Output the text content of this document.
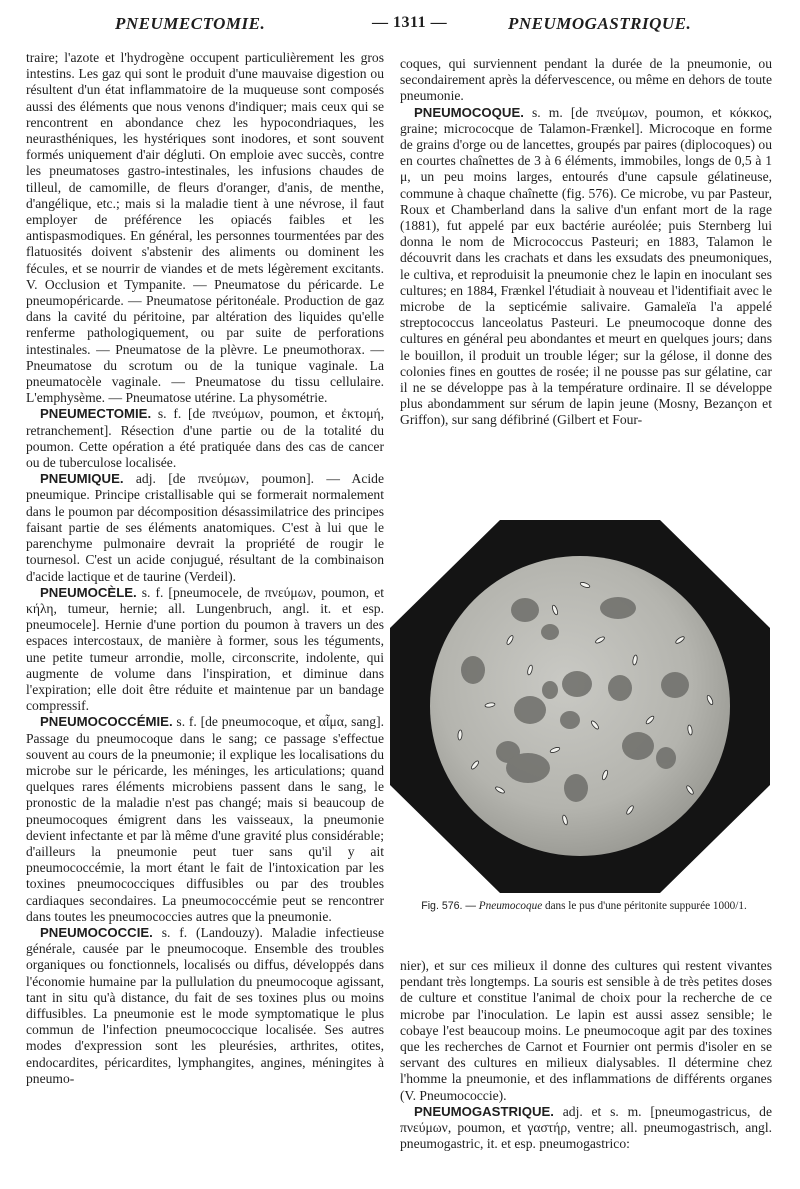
PNEUMECTOMIE.	— 1311 —	PNEUMOGASTRIQUE.

traire; l'azote et l'hydrogène occupent particulièrement les gros intestins. Les gaz qui sont le produit d'une mauvaise digestion ou résultent d'un état inflammatoire de la muqueuse sont composés aussi des éléments que nous venons d'indiquer; mais ceux qui se rencontrent en abondance chez les hypocondriaques, les neurasthéniques, les hystériques sont inodores, et sont souvent formés uniquement d'air dégluti. On emploie avec succès, contre les pneumatoses gastro-intestinales, les infusions chaudes de tilleul, de camomille, de fleurs d'oranger, d'anis, de menthe, d'angélique, etc.; mais si la maladie tient à une névrose, il faut employer de préférence les opiacés faibles et les antispasmodiques. En général, les personnes tourmentées par des flatuosités doivent s'abstenir des aliments ou dominent les fécules, et se nourrir de viandes et de mets légèrement excitants. V. Occlusion et Tympanite. — Pneumatose du péricarde. Le pneumopéricarde. — Pneumatose péritonéale. Production de gaz dans la cavité du péritoine, par altération des liquides qu'elle renferme pathologiquement, ou par suite de perforations intestinales. — Pneumatose de la plèvre. Le pneumothorax. — Pneumatose du scrotum ou de la tunique vaginale. La pneumatocèle vaginale. — Pneumatose du tissu cellulaire. L'emphysème. — Pneumatose utérine. La physométrie.

PNEUMECTOMIE. s. f. [de πνεύμων, poumon, et ἐκτομή, retranchement]. Résection d'une partie ou de la totalité du poumon. Cette opération a été pratiquée dans des cas de cancer ou de tuberculose localisée.

PNEUMIQUE. adj. [de πνεύμων, poumon]. — Acide pneumique. Principe cristallisable qui se formerait normalement dans le poumon par décomposition désassimilatrice des principes faisant partie de ses éléments anatomiques. C'est à lui que le parenchyme pulmonaire devrait la propriété de rougir le tournesol. C'est un acide conjugué, résultant de la combinaison d'acide lactique et de taurine (Verdeil).

PNEUMOCÈLE. s. f. [pneumocele, de πνεύμων, poumon, et κήλη, tumeur, hernie; all. Lungenbruch, angl. it. et esp. pneumocele]. Hernie d'une portion du poumon à travers un des espaces intercostaux, de manière à former, sous les téguments, une petite tumeur arrondie, molle, circonscrite, indolente, qui augmente de volume dans l'inspiration, et diminue dans l'expiration; elle doit être réduite et maintenue par un bandage compressif.

PNEUMOCOCCÉMIE. s. f. [de pneumocoque, et αἷμα, sang]. Passage du pneumocoque dans le sang; ce passage s'effectue souvent au cours de la pneumonie; il explique les localisations du microbe sur le péricarde, les méninges, les articulations; quand quelques rares éléments microbiens passent dans le sang, le pronostic de la maladie n'est pas changé; mais si beaucoup de pneumocoques émigrent dans les vaisseaux, la pneumonie devient infectante et par là même d'une gravité plus considérable; d'ailleurs la pneumonie peut tuer sans qu'il y ait pneumococcémie, la mort étant le fait de l'intoxication par les toxines pneumococciques diffusibles ou par des troubles cardiaques secondaires. La pneumococcémie peut se rencontrer dans toutes les pneumococcies autres que la pneumonie.

PNEUMOCOCCIE. s. f. (Landouzy). Maladie infectieuse générale, causée par le pneumocoque. Ensemble des troubles organiques ou fonctionnels, localisés ou diffus, développés dans l'économie humaine par la pullulation du pneumocoque agissant, tant in situ qu'à distance, du fait de ses toxines plus ou moins diffusibles. La pneumonie est le mode symptomatique le plus commun de l'infection pneumococcique localisée. Ses autres modes d'expression sont les pleurésies, arthrites, otites, endocardites, péricardites, lymphangites, angines, méningites à pneumo-

coques, qui surviennent pendant la durée de la pneumonie, ou secondairement après la défervescence, ou même en dehors de toute pneumonie.

PNEUMOCOQUE. s. m. [de πνεύμων, poumon, et κόκκος, graine; micrococque de Talamon-Frænkel]. Microcoque en forme de grains d'orge ou de lancettes, groupés par paires (diplocoques) ou en courtes chaînettes de 3 à 6 éléments, immobiles, longs de 0,5 à 1 μ, un peu moins larges, entourés d'une capsule gélatineuse, commune à chaque chaînette (fig. 576). Ce microbe, vu par Pasteur, Roux et Chamberland dans la salive d'un enfant mort de la rage (1881), fut appelé par eux bactérie auréolée; puis Sternberg lui donna le nom de Micrococcus Pasteuri; en 1883, Talamon le découvrit dans les crachats et dans les exsudats des pneumoniques, le cultiva, et reproduisit la pneumonie chez le lapin en inoculant ses cultures; en 1884, Frænkel l'étudiait à nouveau et l'identifiait avec le microbe de la septicémie salivaire. Gamaleïa l'a appelé streptococcus lanceolatus Pasteuri. Le pneumocoque donne des cultures en général peu abondantes et meurt en quelques jours; dans le bouillon, il produit un trouble léger; sur la gélose, il donne des colonies fines en gouttes de rosée; il ne pousse pas sur gélatine, car il ne se développe pas à la température ordinaire. Il se développe plus abondamment sur sérum de lapin jeune (Mosny, Bezançon et Griffon), sur sang défibriné (Gilbert et Four-

Fig. 576. — Pneumocoque dans le pus d'une péritonite suppurée 1000/1.

nier), et sur ces milieux il donne des cultures qui restent vivantes pendant très longtemps. La souris est sensible à de très petites doses de culture et constitue l'animal de choix pour la recherche de ce microbe par l'inoculation. Le lapin est aussi assez sensible; le cobaye l'est beaucoup moins. Le pneumocoque agit par des toxines que les recherches de Carnot et Fournier ont permis d'isoler en se servant des cultures en milieux dialysables. Il détermine chez l'homme la pneumonie, et des inflammations de différents organes (V. Pneumococcie).

PNEUMOGASTRIQUE. adj. et s. m. [pneumogastricus, de πνεύμων, poumon, et γαστήρ, ventre; all. pneumogastrisch, angl. pneumogastric, it. et esp. pneumogastrico:
